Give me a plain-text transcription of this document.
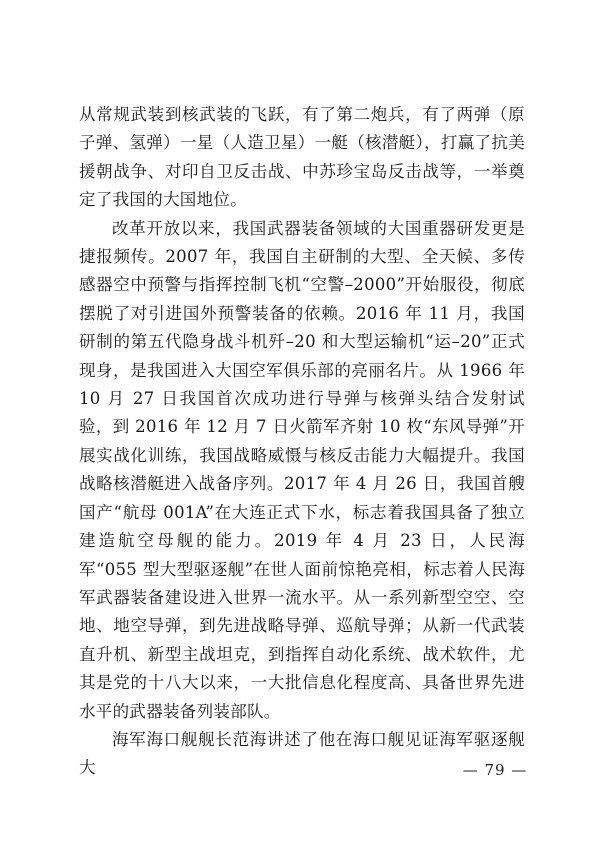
从常规武装到核武装的飞跃，有了第二炮兵，有了两弹（原子弹、氢弹）一星（人造卫星）一艇（核潜艇），打赢了抗美援朝战争、对印自卫反击战、中苏珍宝岛反击战等，一举奠定了我国的大国地位。

改革开放以来，我国武器装备领域的大国重器研发更是捷报频传。2007 年，我国自主研制的大型、全天候、多传感器空中预警与指挥控制飞机“空警–2000”开始服役，彻底摆脱了对引进国外预警装备的依赖。2016 年 11 月，我国研制的第五代隐身战斗机歼–20 和大型运输机“运–20”正式现身，是我国进入大国空军俱乐部的亮丽名片。从 1966 年 10 月 27 日我国首次成功进行导弹与核弹头结合发射试验，到 2016 年 12 月 7 日火箭军齐射 10 枚“东风导弹”开展实战化训练，我国战略威慑与核反击能力大幅提升。我国战略核潜艇进入战备序列。2017 年 4 月 26 日，我国首艘国产“航母 001A”在大连正式下水，标志着我国具备了独立建造航空母舰的能力。2019 年 4 月 23 日，人民海军“055 型大型驱逐舰”在世人面前惊艳亮相，标志着人民海军武器装备建设进入世界一流水平。从一系列新型空空、空地、地空导弹，到先进战略导弹、巡航导弹；从新一代武装直升机、新型主战坦克，到指挥自动化系统、战术软件，尤其是党的十八大以来，一大批信息化程度高、具备世界先进水平的武器装备列装部队。

海军海口舰舰长范海讲述了他在海口舰见证海军驱逐舰大	— 79 —
